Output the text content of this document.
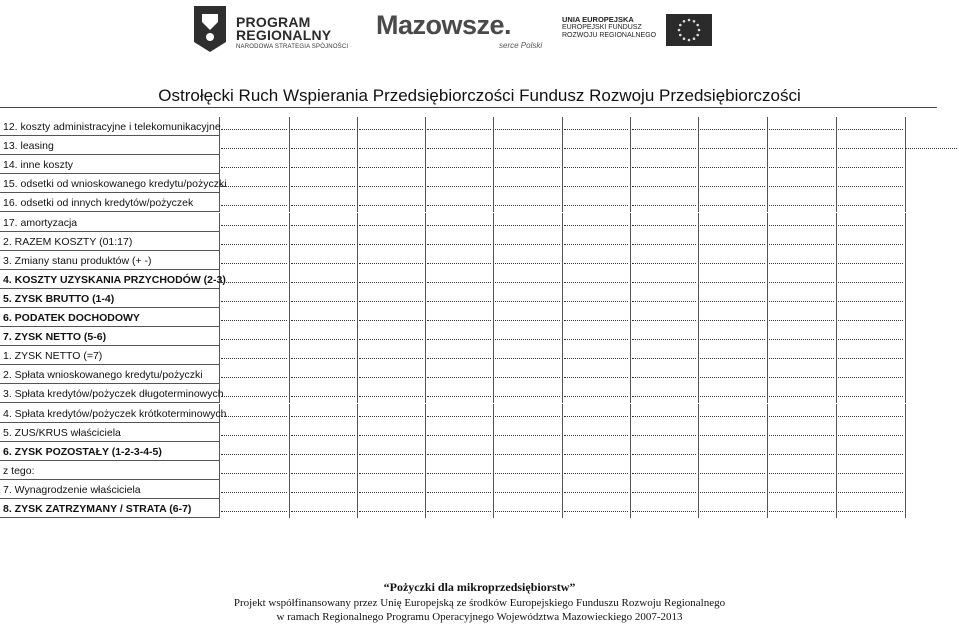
PROGRAM
REGIONALNY
NARODOWA STRATEGIA SPÓJNOŚCI
Mazowsze.
serce Polski
UNIA EUROPEJSKA
EUROPEJSKI FUNDUSZ
ROZWOJU REGIONALNEGO
Ostrołęcki Ruch Wspierania Przedsiębiorczości Fundusz Rozwoju Przedsiębiorczości
12. koszty administracyjne i telekomunikacyjne
13. leasing
14. inne koszty
15. odsetki od wnioskowanego kredytu/pożyczki
16. odsetki od innych kredytów/pożyczek
17. amortyzacja
2. RAZEM KOSZTY (01:17)
3. Zmiany stanu produktów (+ -)
4. KOSZTY UZYSKANIA PRZYCHODÓW (2-3)
5. ZYSK BRUTTO (1-4)
6. PODATEK DOCHODOWY
7. ZYSK NETTO (5-6)
1. ZYSK NETTO (=7)
2. Spłata wnioskowanego kredytu/pożyczki
3. Spłata kredytów/pożyczek długoterminowych
4. Spłata kredytów/pożyczek krótkoterminowych
5. ZUS/KRUS właściciela
6. ZYSK POZOSTAŁY (1-2-3-4-5)
z tego:
7. Wynagrodzenie właściciela
8. ZYSK ZATRZYMANY / STRATA (6-7)
“Pożyczki dla mikroprzedsiębiorstw”
Projekt współfinansowany przez Unię Europejską ze środków Europejskiego Funduszu Rozwoju Regionalnego
w ramach Regionalnego Programu Operacyjnego Województwa Mazowieckiego 2007-2013
